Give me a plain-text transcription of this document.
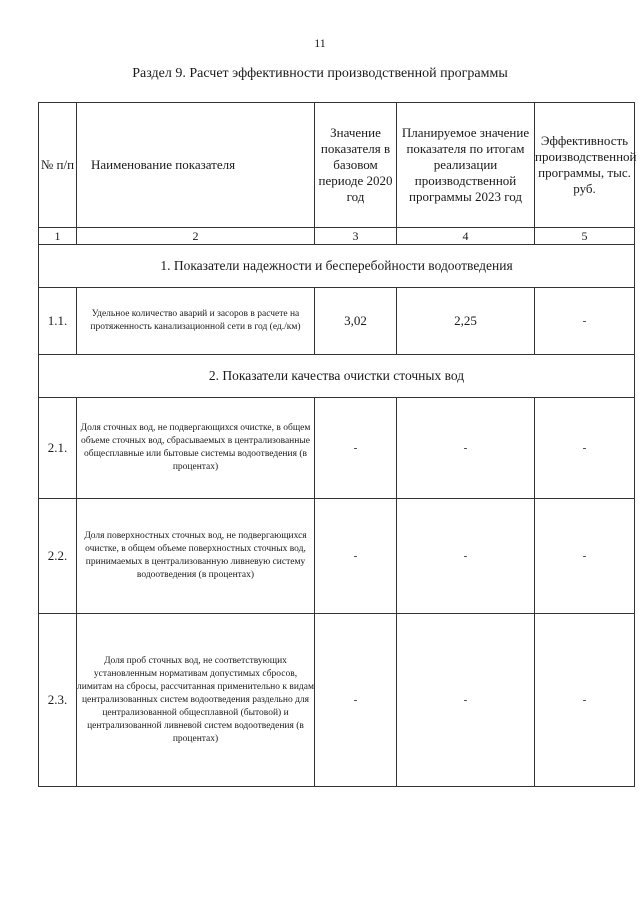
11
Раздел 9. Расчет эффективности производственной программы
№ п/п	Наименование показателя	Значение показателя в базовом периоде 2020 год	Планируемое значение показателя по итогам реализации производственной программы 2023 год	Эффективность производственной программы, тыс. руб.
1	2	3	4	5
1. Показатели надежности и бесперебойности водоотведения				
1.1.	Удельное количество аварий и засоров в расчете на протяженность канализационной сети в год (ед./км)	3,02	2,25	-
2. Показатели качества очистки сточных вод				
2.1.	Доля сточных вод, не подвергающихся очистке, в общем объеме сточных вод, сбрасываемых в централизованные общесплавные или бытовые системы водоотведения (в процентах)	-	-	-
2.2.	Доля поверхностных сточных вод, не подвергающихся очистке, в общем объеме поверхностных сточных вод, принимаемых в централизованную ливневую систему водоотведения (в процентах)	-	-	-
2.3.	Доля проб сточных вод, не соответствующих установленным нормативам допустимых сбросов, лимитам на сбросы, рассчитанная применительно к видам централизованных систем водоотведения раздельно для централизованной общесплавной (бытовой) и централизованной ливневой систем водоотведения (в процентах)	-	-	-
